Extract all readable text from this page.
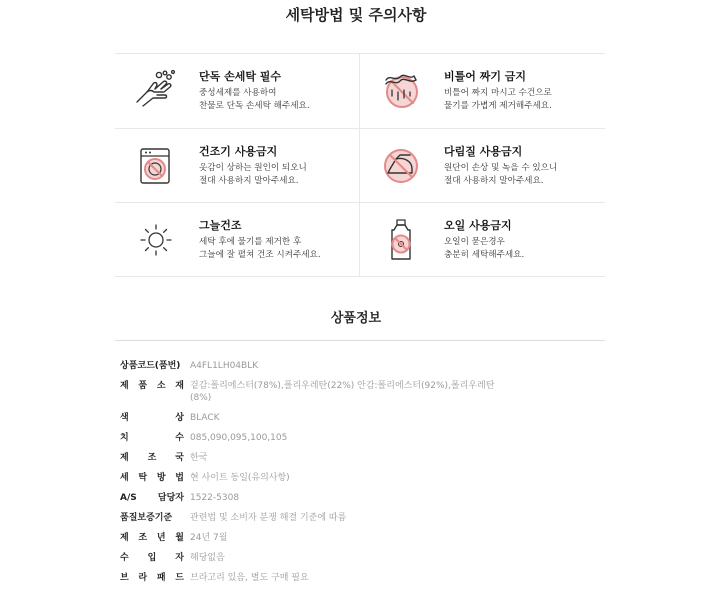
세탁방법 및 주의사항
단독 손세탁 필수
중성세제를 사용하여
찬물로 단독 손세탁 해주세요.
비틀어 짜기 금지
비틀어 짜지 마시고 수건으로
물기를 가볍게 제거해주세요.
건조기 사용금지
옷감이 상하는 원인이 되오니
절대 사용하지 말아주세요.
다림질 사용금지
원단이 손상 및 녹을 수 있으니
절대 사용하지 말아주세요.
그늘건조
세탁 후에 물기를 제거한 후
그늘에 잘 펼쳐 건조 시켜주세요.
오일 사용금지
오일이 묻은경우
충분히 세탁해주세요.
상품정보
상품코드(품번)	A4FL1LH04BLK
제 품 소 재 겉감:폴리에스터(78%),폴리우레탄(22%) 안감:폴리에스터(92%),폴리우레탄(8%)
색 상 BLACK
치 수 085,090,095,100,105
제 조 국 한국
세 탁 방 법 현 사이트 동일(유의사항)
A/S 담당자 1522-5308
품질보증기준	관련법 및 소비자 분쟁 해결 기준에 따름
제 조 년 월 24년 7월
수 입 자 해당없음
브 라 패 드 브라고리 있음, 별도 구매 필요
